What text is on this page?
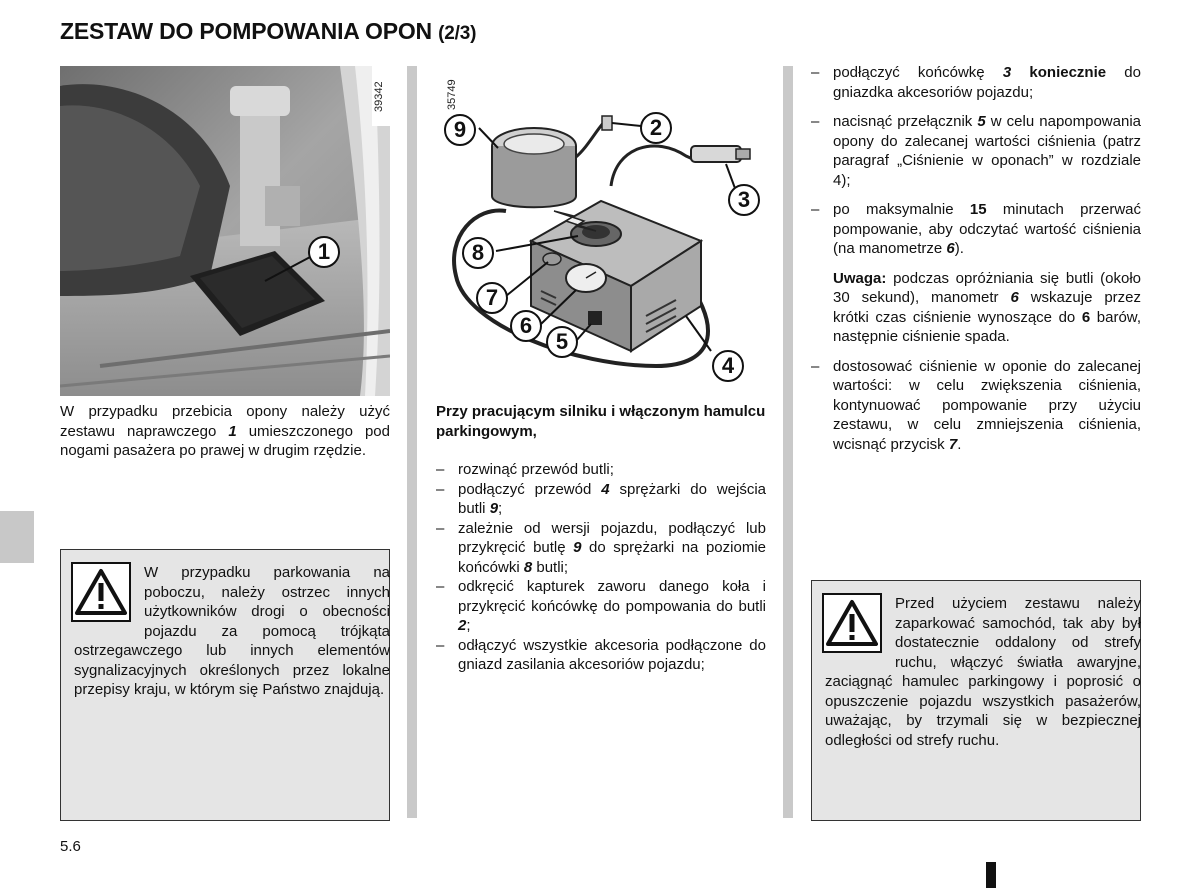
ZESTAW DO POMPOWANIA OPON (2/3)
1
39342
W przypadku przebicia opony należy użyć zestawu naprawczego 1 umieszczonego pod nogami pasażera po prawej w drugim rzędzie.
W przypadku parkowania na poboczu, należy ostrzec innych użytkowników drogi o obecności pojazdu za pomocą trójkąta ostrzegawczego lub innych elementów sygnalizacyjnych określonych przez lokalne przepisy kraju, w którym się Państwo znajdują.
35749
9	2
3
8
7
6
5
4

Przy pracującym silniku i włączonym hamulcu parkingowym,

– rozwinąć przewód butli;
– podłączyć przewód 4 sprężarki do wejścia butli 9;
– zależnie od wersji pojazdu, podłączyć lub przykręcić butlę 9 do sprężarki na poziomie końcówki 8 butli;
– odkręcić kapturek zaworu danego koła i przykręcić końcówkę do pompowania do butli 2;
– odłączyć wszystkie akcesoria podłączone do gniazd zasilania akcesoriów pojazdu;
– podłączyć końcówkę 3 koniecznie do gniazdka akcesoriów pojazdu;
– nacisnąć przełącznik 5 w celu napompowania opony do zalecanej wartości ciśnienia (patrz paragraf „Ciśnienie w oponach” w rozdziale 4);
– po maksymalnie 15 minutach przerwać pompowanie, aby odczytać wartość ciśnienia (na manometrze 6).

Uwaga: podczas opróżniania się butli (około 30 sekund), manometr 6 wskazuje przez krótki czas ciśnienie wynoszące do 6 barów, następnie ciśnienie spada.

– dostosować ciśnienie w oponie do zalecanej wartości: w celu zwiększenia ciśnienia, kontynuować pompowanie przy użyciu zestawu, w celu zmniejszenia ciśnienia, wcisnąć przycisk 7.
Przed użyciem zestawu należy zaparkować samochód, tak aby był dostatecznie oddalony od strefy ruchu, włączyć światła awaryjne, zaciągnąć hamulec parkingowy i poprosić o opuszczenie pojazdu wszystkich pasażerów, uważając, by trzymali się w bezpiecznej odległości od strefy ruchu.
5.6
